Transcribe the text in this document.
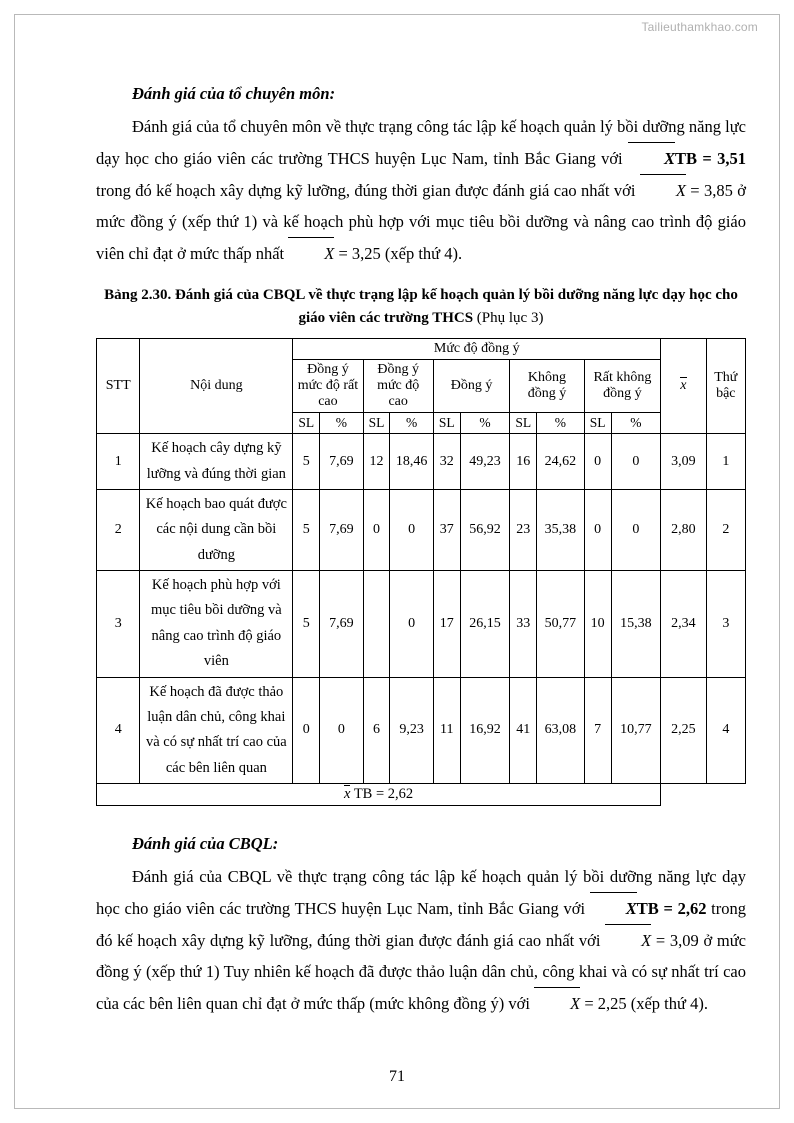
Tailieuthamkhao.com
Đánh giá của tổ chuyên môn:

Đánh giá của tổ chuyên môn về thực trạng công tác lập kế hoạch quản lý bồi dưỡng năng lực dạy học cho giáo viên các trường THCS huyện Lục Nam, tỉnh Bắc Giang với XTB = 3,51 trong đó kế hoạch xây dựng kỹ lưỡng, đúng thời gian được đánh giá cao nhất với X = 3,85 ở mức đồng ý (xếp thứ 1) và kế hoạch phù hợp với mục tiêu bồi dưỡng và nâng cao trình độ giáo viên chỉ đạt ở mức thấp nhất X = 3,25 (xếp thứ 4).

Bảng 2.30. Đánh giá của CBQL về thực trạng lập kế hoạch quản lý bồi dưỡng năng lực dạy học cho giáo viên các trường THCS (Phụ lục 3)
STT	Nội dung	Mức độ đồng ý										x	Thứ bậc
		Đồng ý mức độ rất cao		Đồng ý mức độ cao		Đồng ý		Không đồng ý		Rất không đồng ý			
		SL	%	SL	%	SL	%	SL	%	SL	%		
1	Kế hoạch cây dựng kỹ lưỡng và đúng thời gian	5	7,69	12	18,46	32	49,23	16	24,62	0	0	3,09	1
2	Kế hoạch bao quát được các nội dung cần bồi dưỡng	5	7,69	0	0	37	56,92	23	35,38	0	0	2,80	2
3	Kế hoạch phù hợp với mục tiêu bồi dưỡng và nâng cao trình độ giáo viên	5	7,69		0	17	26,15	33	50,77	10	15,38	2,34	3
4	Kế hoạch đã được thảo luận dân chủ, công khai và có sự nhất trí cao của các bên liên quan	0	0	6	9,23	11	16,92	41	63,08	7	10,77	2,25	4
x TB = 2,62													
Đánh giá của CBQL:

Đánh giá của CBQL về thực trạng công tác lập kế hoạch quản lý bồi dưỡng năng lực dạy học cho giáo viên các trường THCS huyện Lục Nam, tỉnh Bắc Giang với XTB = 2,62 trong đó kế hoạch xây dựng kỹ lưỡng, đúng thời gian được đánh giá cao nhất với X = 3,09 ở mức đồng ý (xếp thứ 1) Tuy nhiên kế hoạch đã được thảo luận dân chủ, công khai và có sự nhất trí cao của các bên liên quan chỉ đạt ở mức thấp (mức không đồng ý) với X = 2,25 (xếp thứ 4).

71
